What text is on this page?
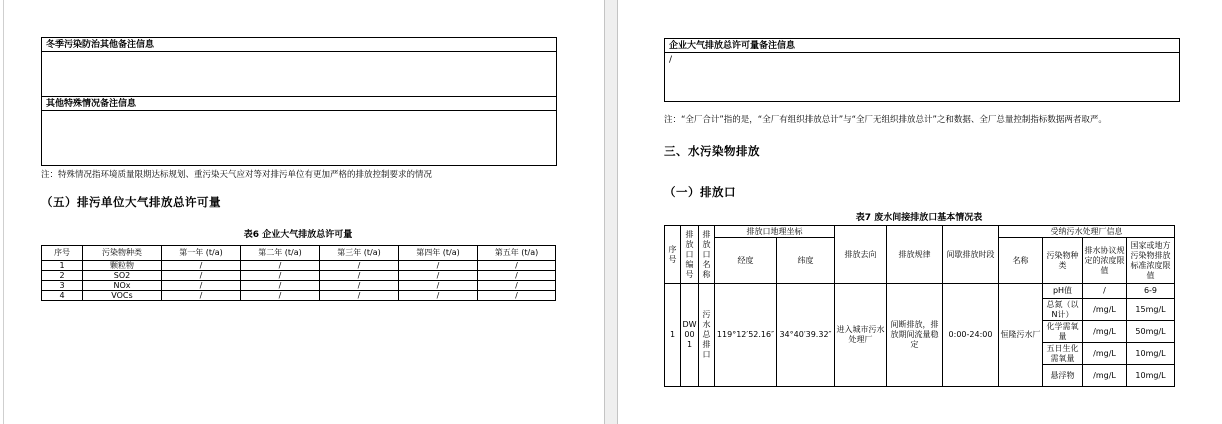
冬季污染防治其他备注信息
其他特殊情况备注信息
注：特殊情况指环境质量限期达标规划、重污染天气应对等对排污单位有更加严格的排放控制要求的情况
（五）排污单位大气排放总许可量
表6 企业大气排放总许可量
序号	污染物种类	第一年 (t/a)	第二年 (t/a)	第三年 (t/a)	第四年 (t/a)	第五年 (t/a)
1	颗粒物	/	/	/	/	/
2	SO2	/	/	/	/	/
3	NOx	/	/	/	/	/
4	VOCs	/	/	/	/	/
企业大气排放总许可量备注信息
/
注：“全厂合计”指的是，“全厂有组织排放总计”与“全厂无组织排放总计”之和数据、全厂总量控制指标数据两者取严。
三、水污染物排放
（一）排放口
表7 废水间接排放口基本情况表
序号	排放口编号	排放口名称	排放口地理坐标		排放去向	排放规律	间歇排放时段	受纳污水处理厂信息			
			经度	纬度				名称	污染物种类	排水协议规定的浓度限值	国家或地方污染物排放标准浓度限值
1	DW001	污水总排口	119°12′52.16″	34°40′39.32″	进入城市污水处理厂	间断排放，排放期间流量稳定	0:00-24:00	恒隆污水厂	pH值	/	6-9
									总氮（以N计）	/mg/L	15mg/L
									化学需氧量	/mg/L	50mg/L
									五日生化需氧量	/mg/L	10mg/L
									悬浮物	/mg/L	10mg/L
